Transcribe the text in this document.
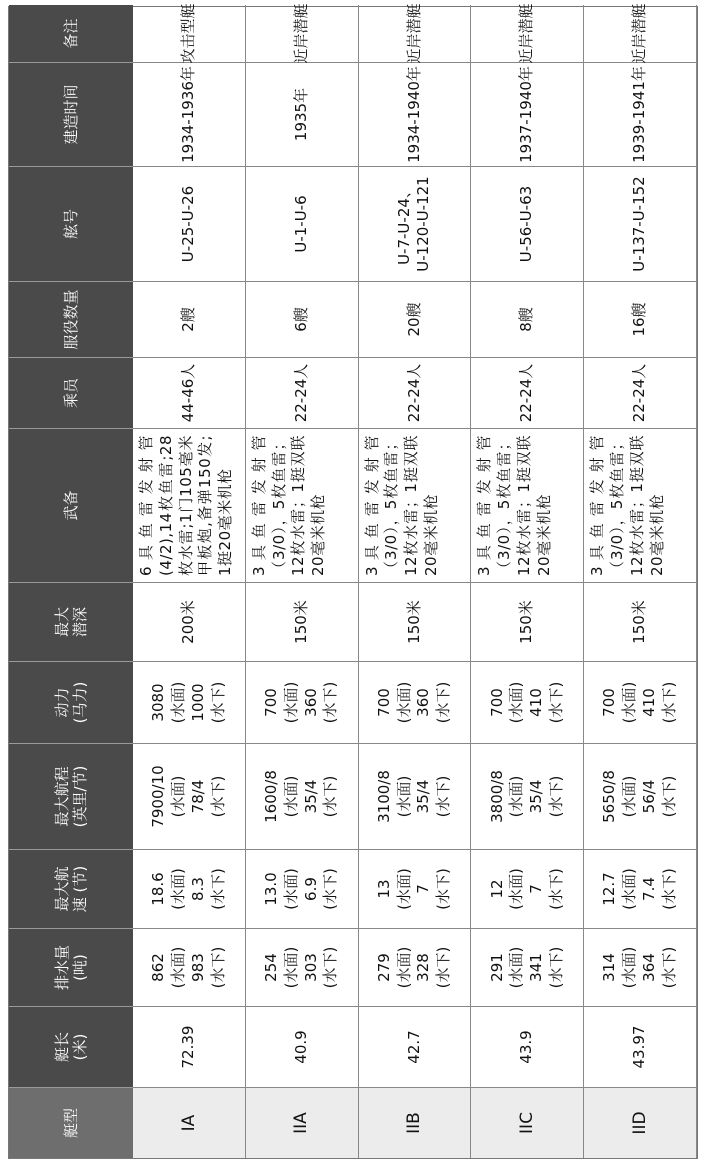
IA
72.39
862 (水面) 983 (水下)
18.6 (水面) 8.3 (水下)
7900/10 (水面) 78/4 (水下)
3080 (水面) 1000 (水下)
200米
6 具 鱼 雷 发 射 管 (4/2),14枚鱼雷;28枚水雷;1门105毫米甲板炮,备弹150发;1挺20毫米机枪
44-46人
2艘
U-25-U-26
1934-1936年
攻击型艇
IIA
40.9
254 (水面) 303 (水下)
13.0 (水面) 6.9 (水下)
1600/8 (水面) 35/4 (水下)
700 (水面) 360 (水下)
150米
3 具 鱼 雷 发 射 管 （3/0），5枚鱼雷；12枚水雷；1挺双联20毫米机枪
22-24人
6艘
U-1-U-6
1935年
近岸潜艇
IIB
42.7
279 (水面) 328 (水下)
13 (水面) 7 (水下)
3100/8 (水面) 35/4 (水下)
700 (水面) 360 (水下)
150米
3 具 鱼 雷 发 射 管 （3/0），5枚鱼雷；12枚水雷；1挺双联20毫米机枪
22-24人
20艘
U-7-U-24、 U-120-U-121
1934-1940年
近岸潜艇
IIC
43.9
291 (水面) 341 (水下)
12 (水面) 7 (水下)
3800/8 (水面) 35/4 (水下)
700 (水面) 410 (水下)
150米
3 具 鱼 雷 发 射 管 （3/0），5枚鱼雷；12枚水雷；1挺双联20毫米机枪
22-24人
8艘
U-56-U-63
1937-1940年
近岸潜艇
IID
43.97
314 (水面) 364 (水下)
12.7 (水面) 7.4 (水下)
5650/8 (水面) 56/4 (水下)
700 (水面) 410 (水下)
150米
3 具 鱼 雷 发 射 管 （3/0），5枚鱼雷；12枚水雷；1挺双联20毫米机枪
22-24人
16艘
U-137-U-152
1939-1941年
近岸潜艇
艇型
艇长 (米)
排水量 (吨)
最大航 速 (节)
最大航程 (英里/节)
动力 (马力)
最大 潜深
武备
乘员
服役数量
舷号
建造时间
备注
